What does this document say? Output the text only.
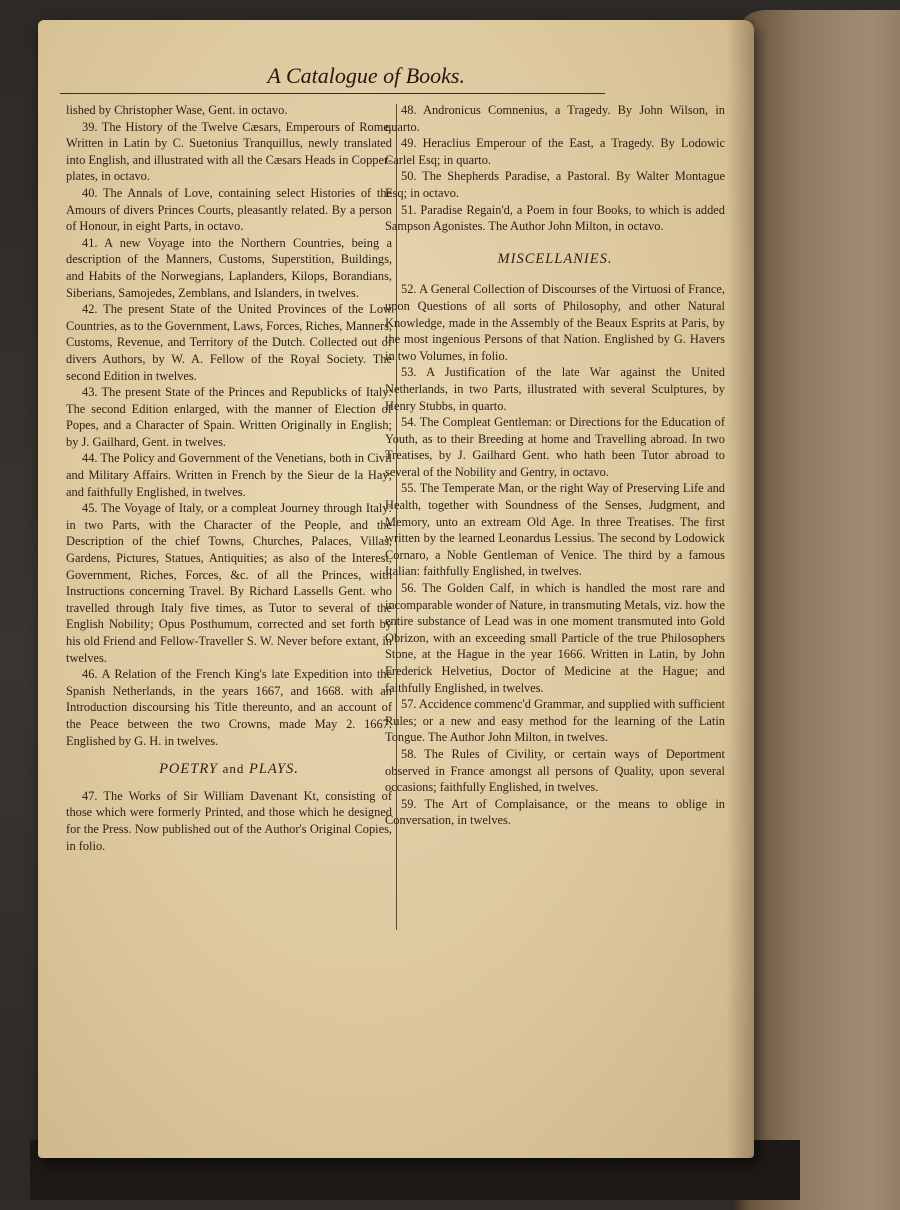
A Catalogue of Books.

lished by Christopher Wase, Gent. in octavo.

39. The History of the Twelve Cæsars, Emperours of Rome. Written in Latin by C. Suetonius Tranquillus, newly translated into English, and illustrated with all the Cæsars Heads in Copper-plates, in octavo.

40. The Annals of Love, containing select Histories of the Amours of divers Princes Courts, pleasantly related. By a person of Honour, in eight Parts, in octavo.

41. A new Voyage into the Northern Countries, being a description of the Manners, Customs, Superstition, Buildings, and Habits of the Norwegians, Laplanders, Kilops, Borandians, Siberians, Samojedes, Zemblans, and Islanders, in twelves.

42. The present State of the United Provinces of the Low Countries, as to the Government, Laws, Forces, Riches, Manners, Customs, Revenue, and Territory of the Dutch. Collected out of divers Authors, by W. A. Fellow of the Royal Society. The second Edition in twelves.

43. The present State of the Princes and Republicks of Italy: The second Edition enlarged, with the manner of Election of Popes, and a Character of Spain. Written Originally in English; by J. Gailhard, Gent. in twelves.

44. The Policy and Government of the Venetians, both in Civil and Military Affairs. Written in French by the Sieur de la Hay; and faithfully Englished, in twelves.

45. The Voyage of Italy, or a compleat Journey through Italy: in two Parts, with the Character of the People, and the Description of the chief Towns, Churches, Palaces, Villas, Gardens, Pictures, Statues, Antiquities; as also of the Interest, Government, Riches, Forces, &c. of all the Princes, with Instructions concerning Travel. By Richard Lassells Gent. who travelled through Italy five times, as Tutor to several of the English Nobility; Opus Posthumum, corrected and set forth by his old Friend and Fellow-Traveller S. W. Never before extant, in twelves.

46. A Relation of the French King's late Expedition into the Spanish Netherlands, in the years 1667, and 1668. with an Introduction discoursing his Title thereunto, and an account of the Peace between the two Crowns, made May 2. 1667. Englished by G. H. in twelves.

POETRY and PLAYS.

47. The Works of Sir William Davenant Kt, consisting of those which were formerly Printed, and those which he designed for the Press. Now published out of the Author's Original Copies, in folio.

48. Andronicus Comnenius, a Tragedy. By John Wilson, in quarto.

49. Heraclius Emperour of the East, a Tragedy. By Lodowic Carlel Esq; in quarto.

50. The Shepherds Paradise, a Pastoral. By Walter Montague Esq; in octavo.

51. Paradise Regain'd, a Poem in four Books, to which is added Sampson Agonistes. The Author John Milton, in octavo.

MISCELLANIES.

52. A General Collection of Discourses of the Virtuosi of France, upon Questions of all sorts of Philosophy, and other Natural Knowledge, made in the Assembly of the Beaux Esprits at Paris, by the most ingenious Persons of that Nation. Englished by G. Havers in two Volumes, in folio.

53. A Justification of the late War against the United Netherlands, in two Parts, illustrated with several Sculptures, by Henry Stubbs, in quarto.

54. The Compleat Gentleman: or Directions for the Education of Youth, as to their Breeding at home and Travelling abroad. In two Treatises, by J. Gailhard Gent. who hath been Tutor abroad to several of the Nobility and Gentry, in octavo.

55. The Temperate Man, or the right Way of Preserving Life and Health, together with Soundness of the Senses, Judgment, and Memory, unto an extream Old Age. In three Treatises. The first written by the learned Leonardus Lessius. The second by Lodowick Cornaro, a Noble Gentleman of Venice. The third by a famous Italian: faithfully Englished, in twelves.

56. The Golden Calf, in which is handled the most rare and incomparable wonder of Nature, in transmuting Metals, viz. how the entire substance of Lead was in one moment transmuted into Gold Obrizon, with an exceeding small Particle of the true Philosophers Stone, at the Hague in the year 1666. Written in Latin, by John Frederick Helvetius, Doctor of Medicine at the Hague; and faithfully Englished, in twelves.

57. Accidence commenc'd Grammar, and supplied with sufficient Rules; or a new and easy method for the learning of the Latin Tongue. The Author John Milton, in twelves.

58. The Rules of Civility, or certain ways of Deportment observed in France amongst all persons of Quality, upon several occasions; faithfully Englished, in twelves.

59. The Art of Complaisance, or the means to oblige in Conversation, in twelves.
